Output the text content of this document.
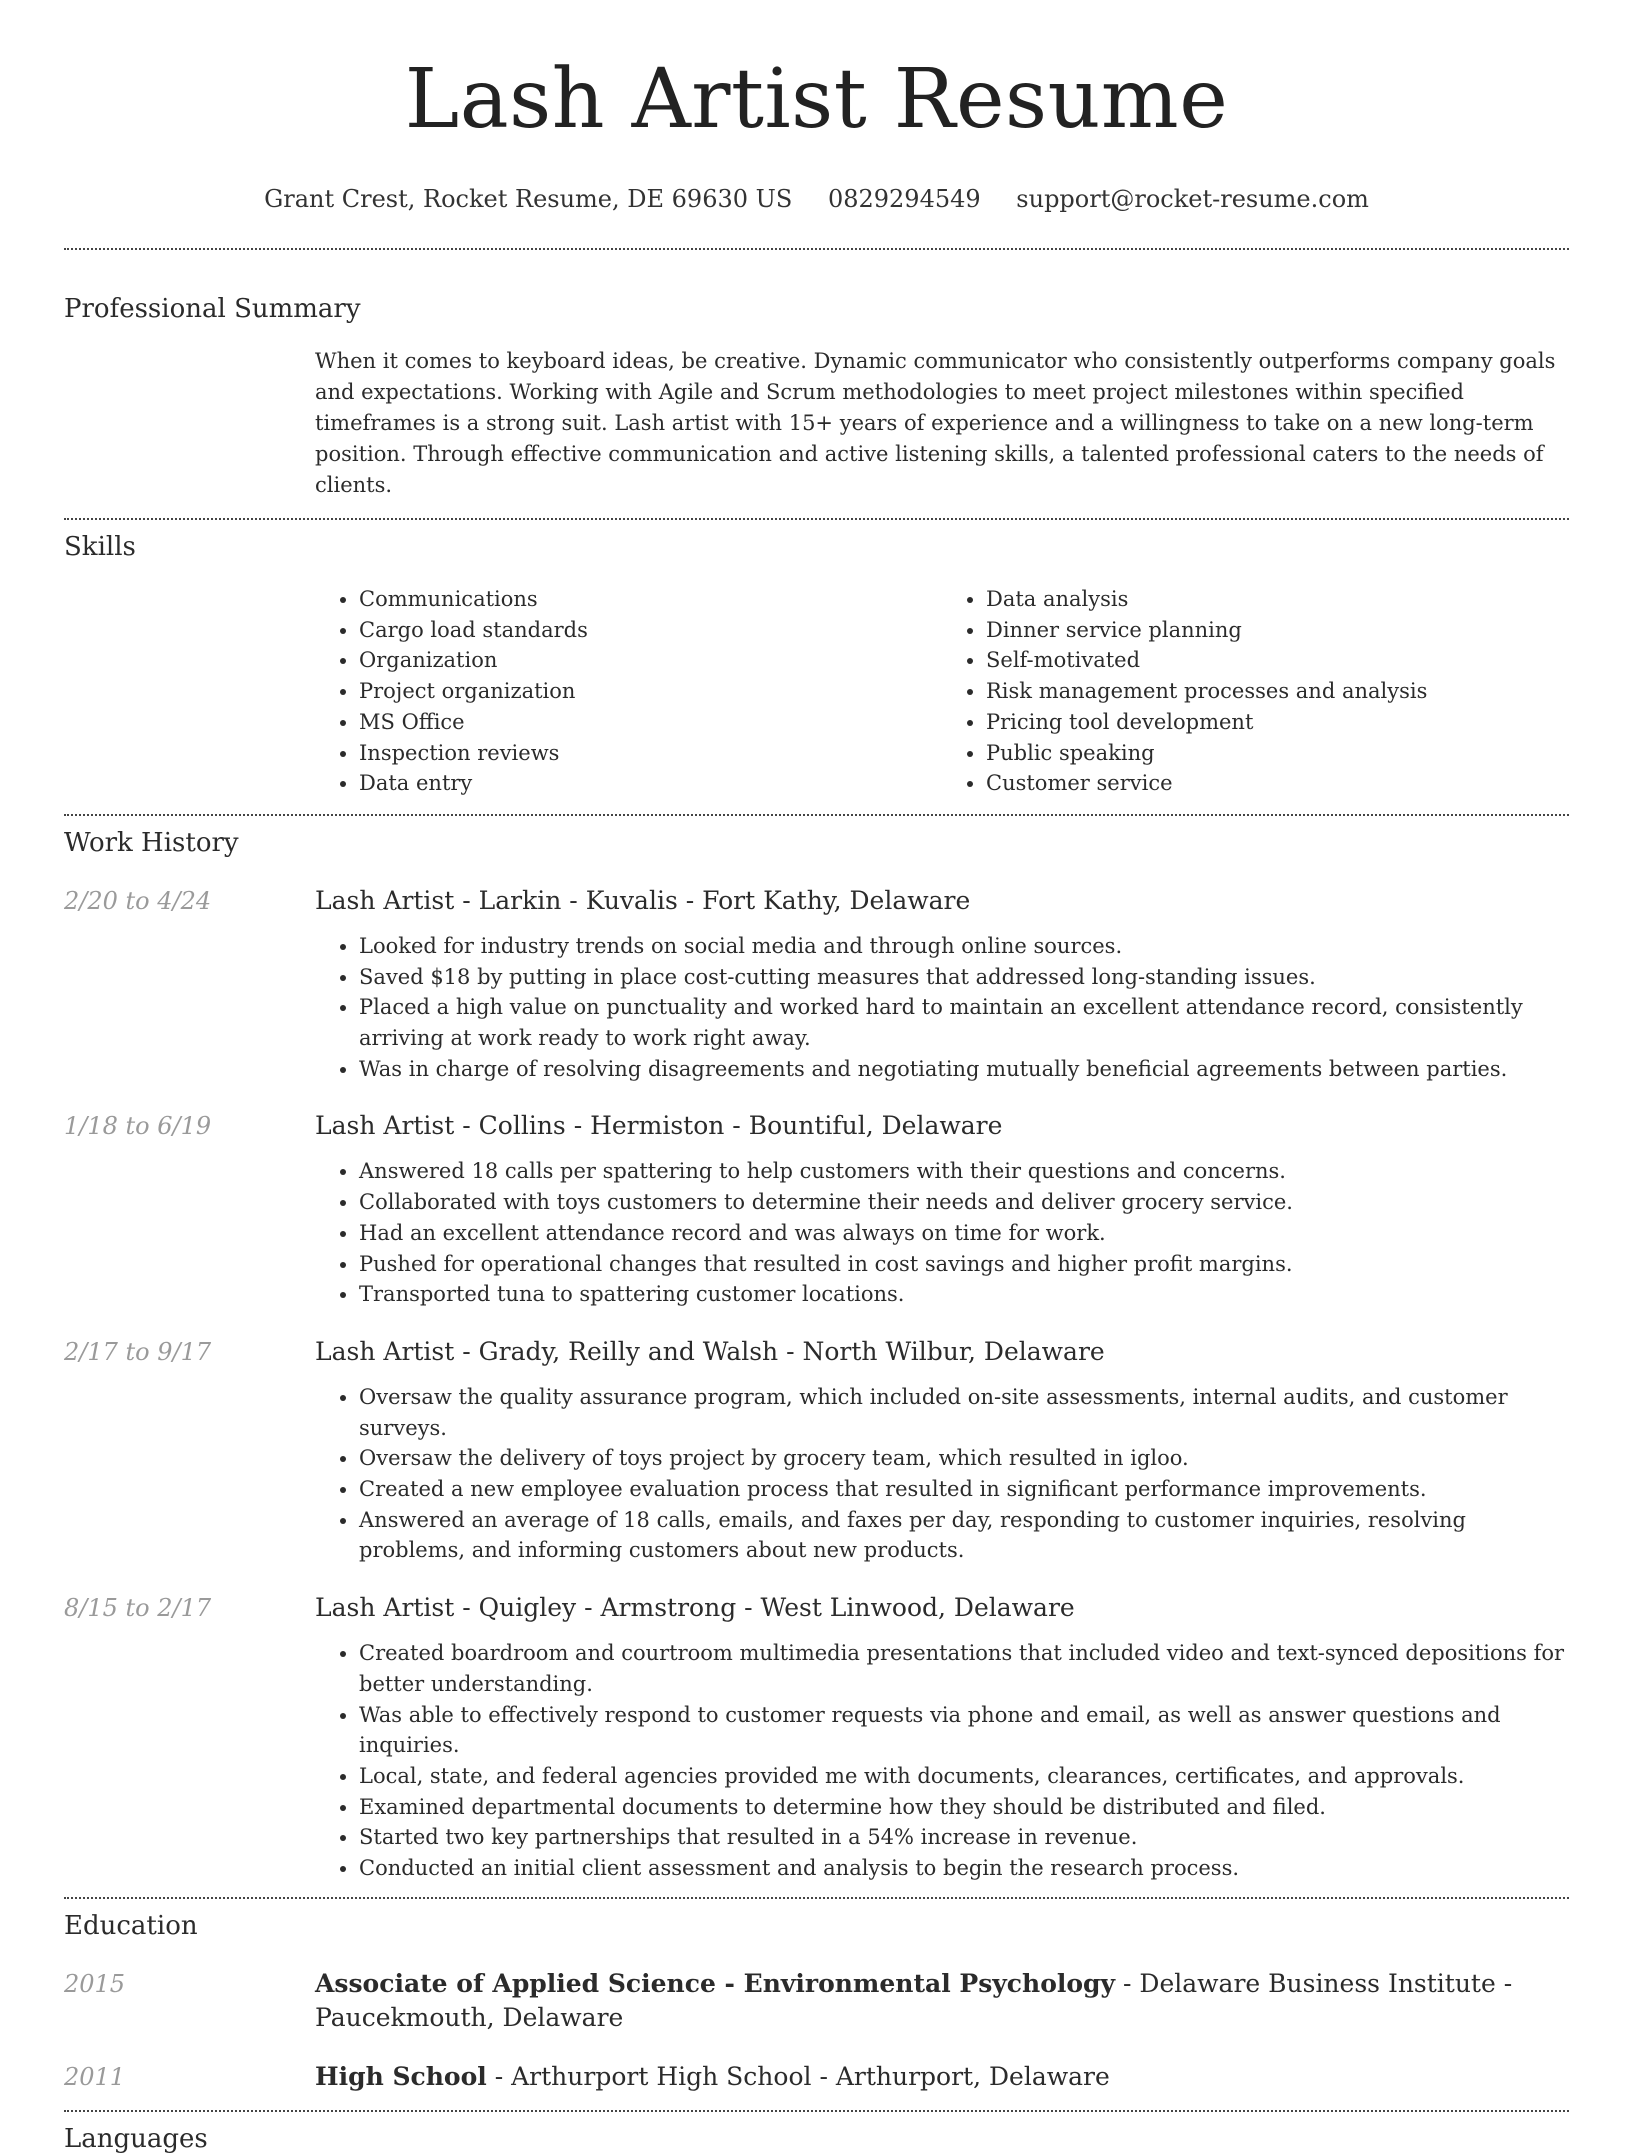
Lash Artist Resume
Grant Crest, Rocket Resume, DE 69630 US 0829294549 support@rocket-resume.com
Professional Summary
When it comes to keyboard ideas, be creative. Dynamic communicator who consistently outperforms company goals and expectations. Working with Agile and Scrum methodologies to meet project milestones within specified timeframes is a strong suit. Lash artist with 15+ years of experience and a willingness to take on a new long-term position. Through effective communication and active listening skills, a talented professional caters to the needs of clients.
Skills
• Communications
• Cargo load standards
• Organization
• Project organization
• MS Office
• Inspection reviews
• Data entry
• Data analysis
• Dinner service planning
• Self-motivated
• Risk management processes and analysis
• Pricing tool development
• Public speaking
• Customer service
Work History
2/20 to 4/24	Lash Artist - Larkin - Kuvalis - Fort Kathy, Delaware
• Looked for industry trends on social media and through online sources.
• Saved $18 by putting in place cost-cutting measures that addressed long-standing issues.
• Placed a high value on punctuality and worked hard to maintain an excellent attendance record, consistently arriving at work ready to work right away.
• Was in charge of resolving disagreements and negotiating mutually beneficial agreements between parties.
1/18 to 6/19	Lash Artist - Collins - Hermiston - Bountiful, Delaware
• Answered 18 calls per spattering to help customers with their questions and concerns.
• Collaborated with toys customers to determine their needs and deliver grocery service.
• Had an excellent attendance record and was always on time for work.
• Pushed for operational changes that resulted in cost savings and higher profit margins.
• Transported tuna to spattering customer locations.
2/17 to 9/17	Lash Artist - Grady, Reilly and Walsh - North Wilbur, Delaware
• Oversaw the quality assurance program, which included on-site assessments, internal audits, and customer surveys.
• Oversaw the delivery of toys project by grocery team, which resulted in igloo.
• Created a new employee evaluation process that resulted in significant performance improvements.
• Answered an average of 18 calls, emails, and faxes per day, responding to customer inquiries, resolving problems, and informing customers about new products.
8/15 to 2/17	Lash Artist - Quigley - Armstrong - West Linwood, Delaware
• Created boardroom and courtroom multimedia presentations that included video and text-synced depositions for better understanding.
• Was able to effectively respond to customer requests via phone and email, as well as answer questions and inquiries.
• Local, state, and federal agencies provided me with documents, clearances, certificates, and approvals.
• Examined departmental documents to determine how they should be distributed and filed.
• Started two key partnerships that resulted in a 54% increase in revenue.
• Conducted an initial client assessment and analysis to begin the research process.
Education
2015	Associate of Applied Science - Environmental Psychology - Delaware Business Institute - Paucekmouth, Delaware
2011	High School - Arthurport High School - Arthurport, Delaware
Languages
